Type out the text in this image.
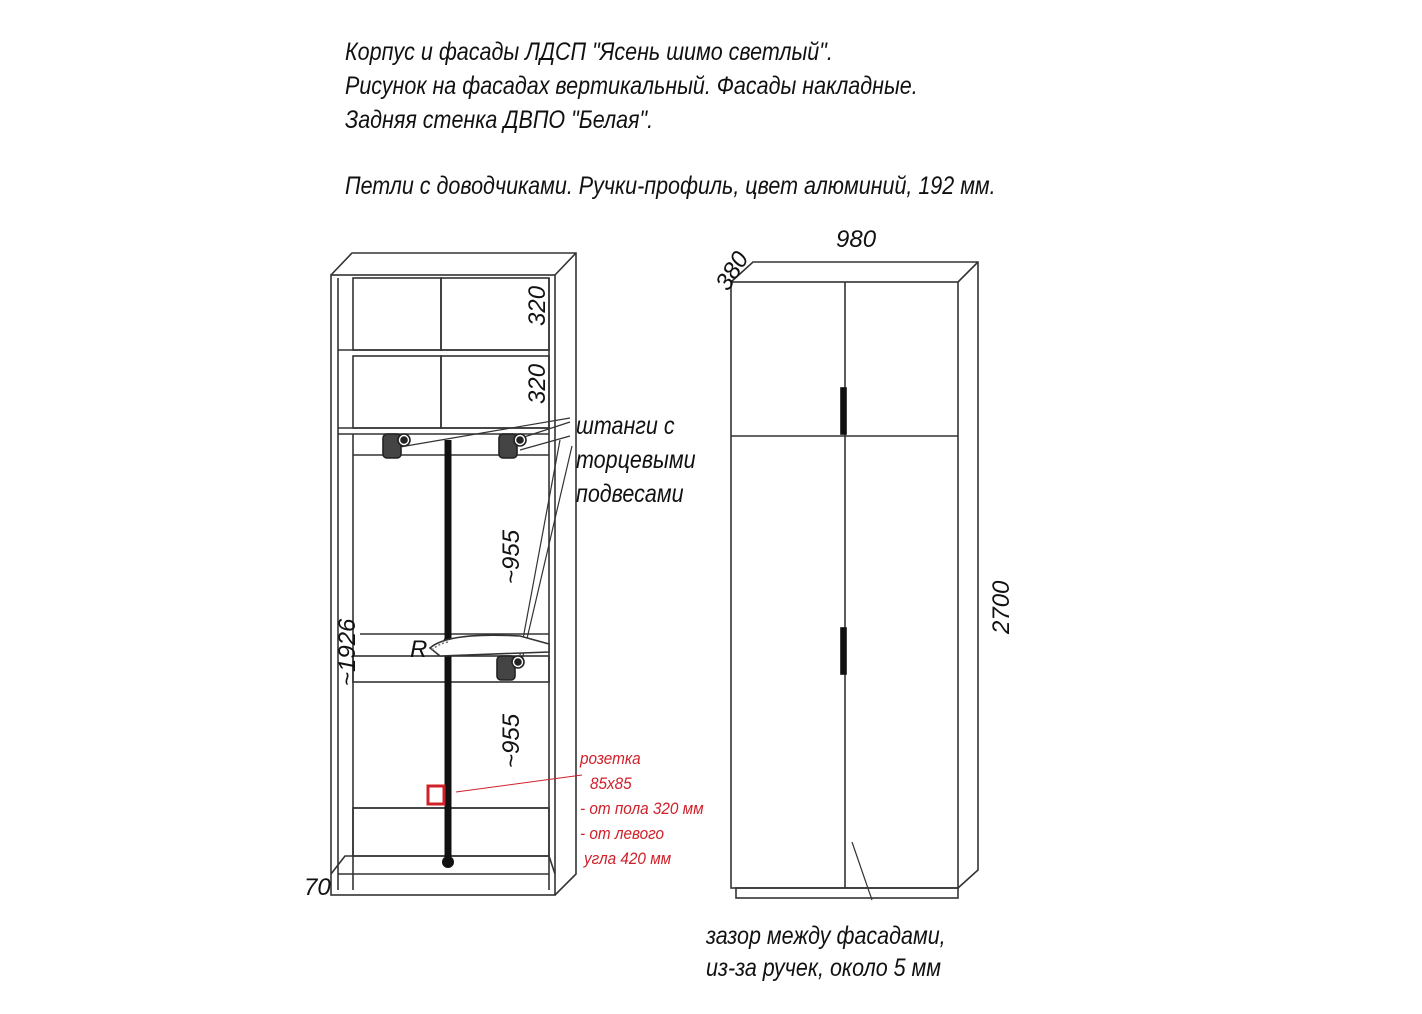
Корпус и фасады ЛДСП "Ясень шимо светлый".
Рисунок на фасадах вертикальный. Фасады накладные.
Задняя стенка ДВПО "Белая".
Петли с доводчиками. Ручки-профиль, цвет алюминий, 192 мм.
320
320
~955
~955
~1926
70
R
штанги с
торцевыми
подвесами
розетка
85х85
- от пола 320 мм
- от левого
угла 420 мм
380
980
2700
зазор между фасадами,
из-за ручек, около 5 мм
